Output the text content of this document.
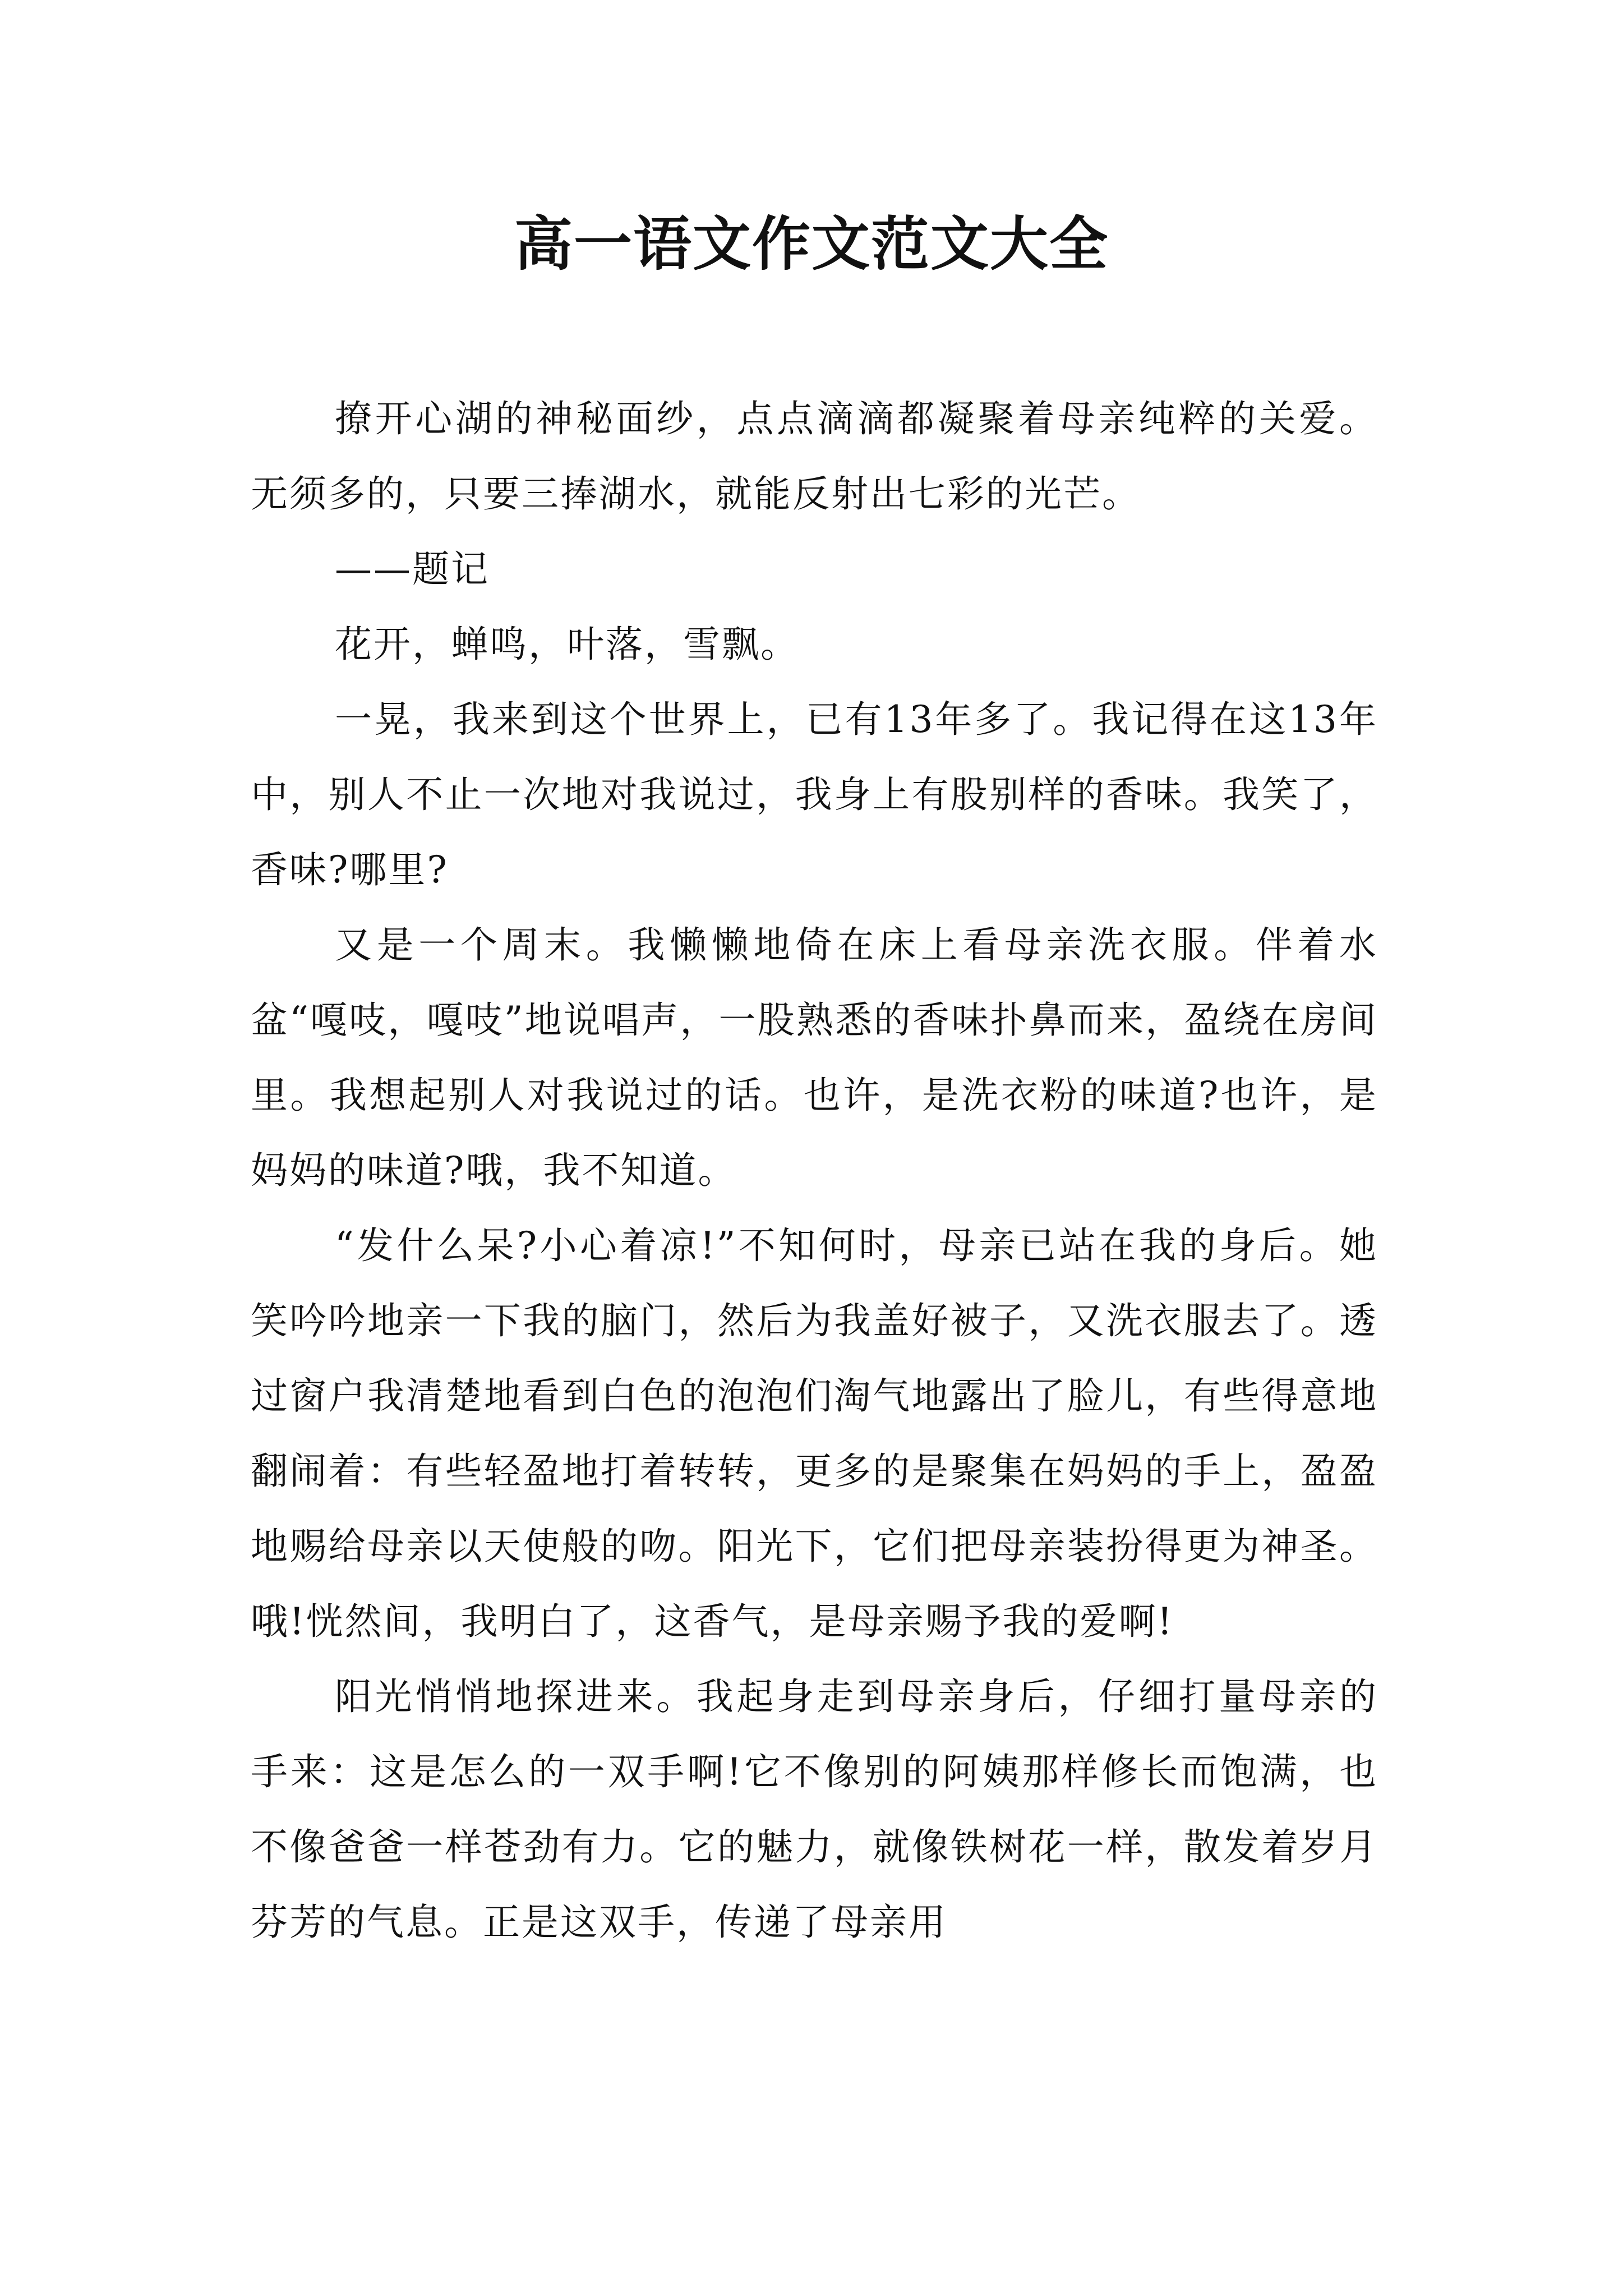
高一语文作文范文大全

撩开心湖的神秘面纱，点点滴滴都凝聚着母亲纯粹的关爱。无须多的，只要三捧湖水，就能反射出七彩的光芒。

——题记

花开，蝉鸣，叶落，雪飘。

一晃，我来到这个世界上，已有13年多了。我记得在这13年中，别人不止一次地对我说过，我身上有股别样的香味。我笑了，香味?哪里?

又是一个周末。我懒懒地倚在床上看母亲洗衣服。伴着水盆“嘎吱，嘎吱”地说唱声，一股熟悉的香味扑鼻而来，盈绕在房间里。我想起别人对我说过的话。也许，是洗衣粉的味道?也许，是妈妈的味道?哦，我不知道。

“发什么呆?小心着凉!”不知何时，母亲已站在我的身后。她笑吟吟地亲一下我的脑门，然后为我盖好被子，又洗衣服去了。透过窗户我清楚地看到白色的泡泡们淘气地露出了脸儿，有些得意地翻闹着：有些轻盈地打着转转，更多的是聚集在妈妈的手上，盈盈地赐给母亲以天使般的吻。阳光下，它们把母亲装扮得更为神圣。哦!恍然间，我明白了，这香气，是母亲赐予我的爱啊!

阳光悄悄地探进来。我起身走到母亲身后，仔细打量母亲的手来：这是怎么的一双手啊!它不像别的阿姨那样修长而饱满，也不像爸爸一样苍劲有力。它的魅力，就像铁树花一样，散发着岁月芬芳的气息。正是这双手，传递了母亲用
